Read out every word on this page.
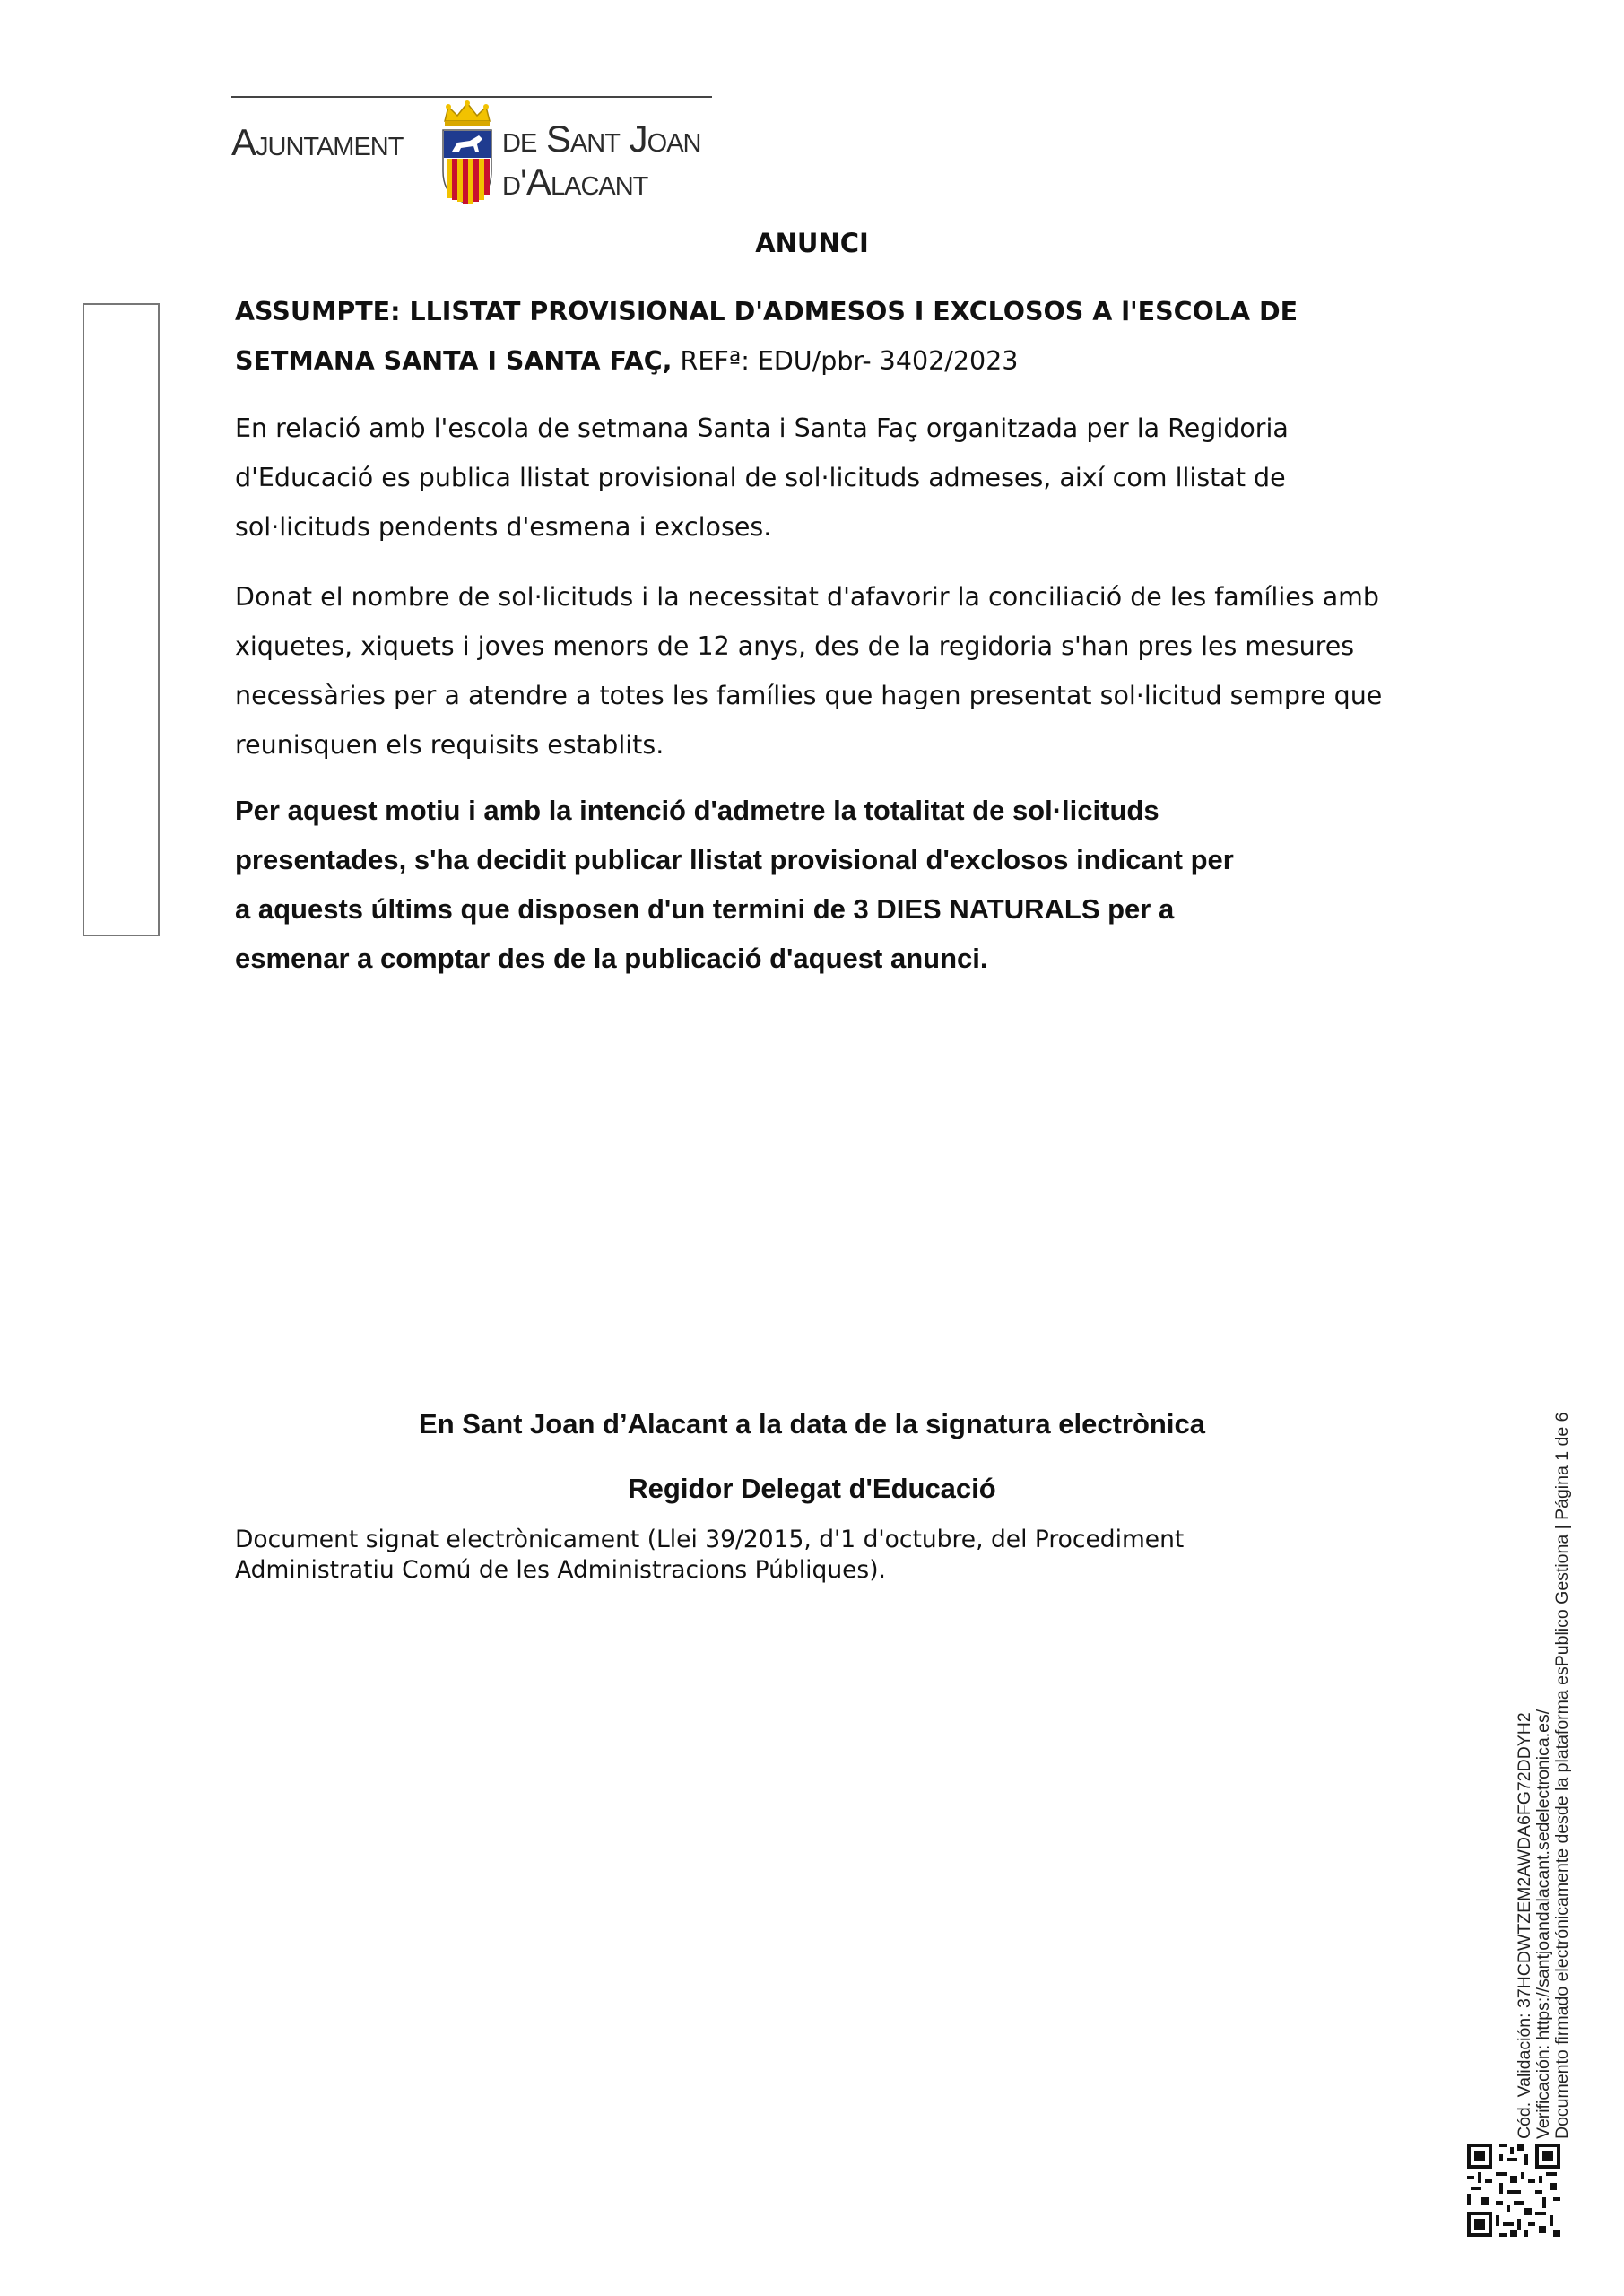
Ajuntament	de Sant Joan
d'Alacant
ANUNCI
ASSUMPTE: LLISTAT PROVISIONAL D'ADMESOS I EXCLOSOS A l'ESCOLA DE SETMANA SANTA I SANTA FAÇ, REFª: EDU/pbr- 3402/2023
En relació amb l'escola de setmana Santa i Santa Faç organitzada per la Regidoria d'Educació es publica llistat provisional de sol·licituds admeses, així com llistat de sol·licituds pendents d'esmena i excloses.
Donat el nombre de sol·licituds i la necessitat d'afavorir la conciliació de les famílies amb xiquetes, xiquets i joves menors de 12 anys, des de la regidoria s'han pres les mesures necessàries per a atendre a totes les famílies que hagen presentat sol·licitud sempre que reunisquen els requisits establits.
Per aquest motiu i amb la intenció d'admetre la totalitat de sol·licituds
presentades, s'ha decidit publicar llistat provisional d'exclosos indicant per
a aquests últims que disposen d'un termini de 3 DIES NATURALS per a
esmenar a comptar des de la publicació d'aquest anunci.
En Sant Joan d’Alacant a la data de la signatura electrònica
Regidor Delegat d'Educació
Document signat electrònicament (Llei 39/2015, d'1 d'octubre, del Procediment
Administratiu Comú de les Administracions Públiques).
Cód. Validación: 37HCDWTZEM2AWDA6FG72DDYH2 Verificación: https://santjoandalacant.sedelectronica.es/ Documento firmado electrónicamente desde la plataforma esPublico Gestiona | Página 1 de 6
